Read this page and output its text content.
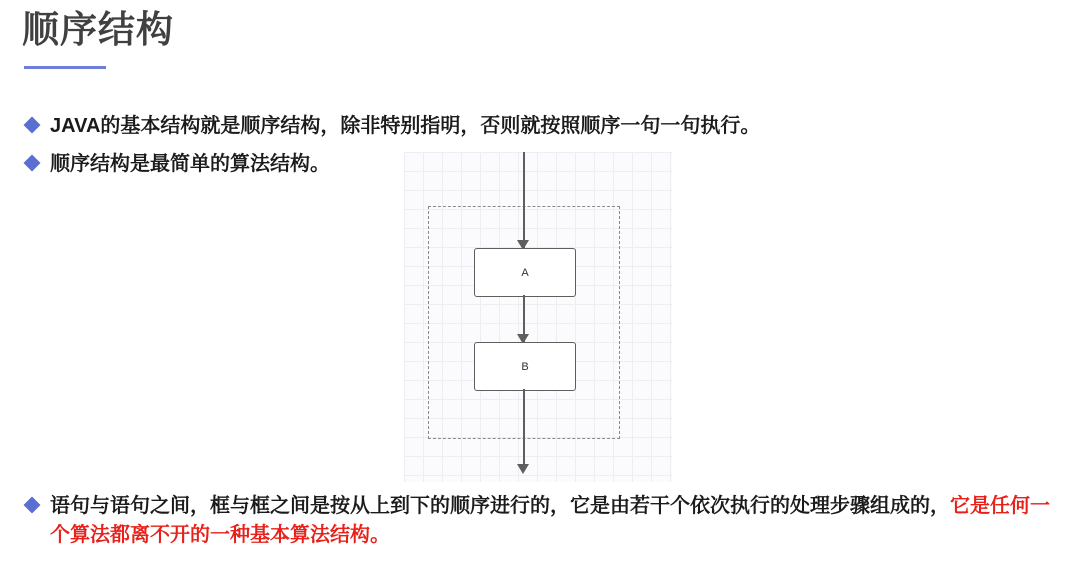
顺序结构
JAVA的基本结构就是顺序结构，除非特别指明，否则就按照顺序一句一句执行。
顺序结构是最简单的算法结构。
A
B
语句与语句之间，框与框之间是按从上到下的顺序进行的，它是由若干个依次执行的处理步骤组成的，它是任何一个算法都离不开的一种基本算法结构。
